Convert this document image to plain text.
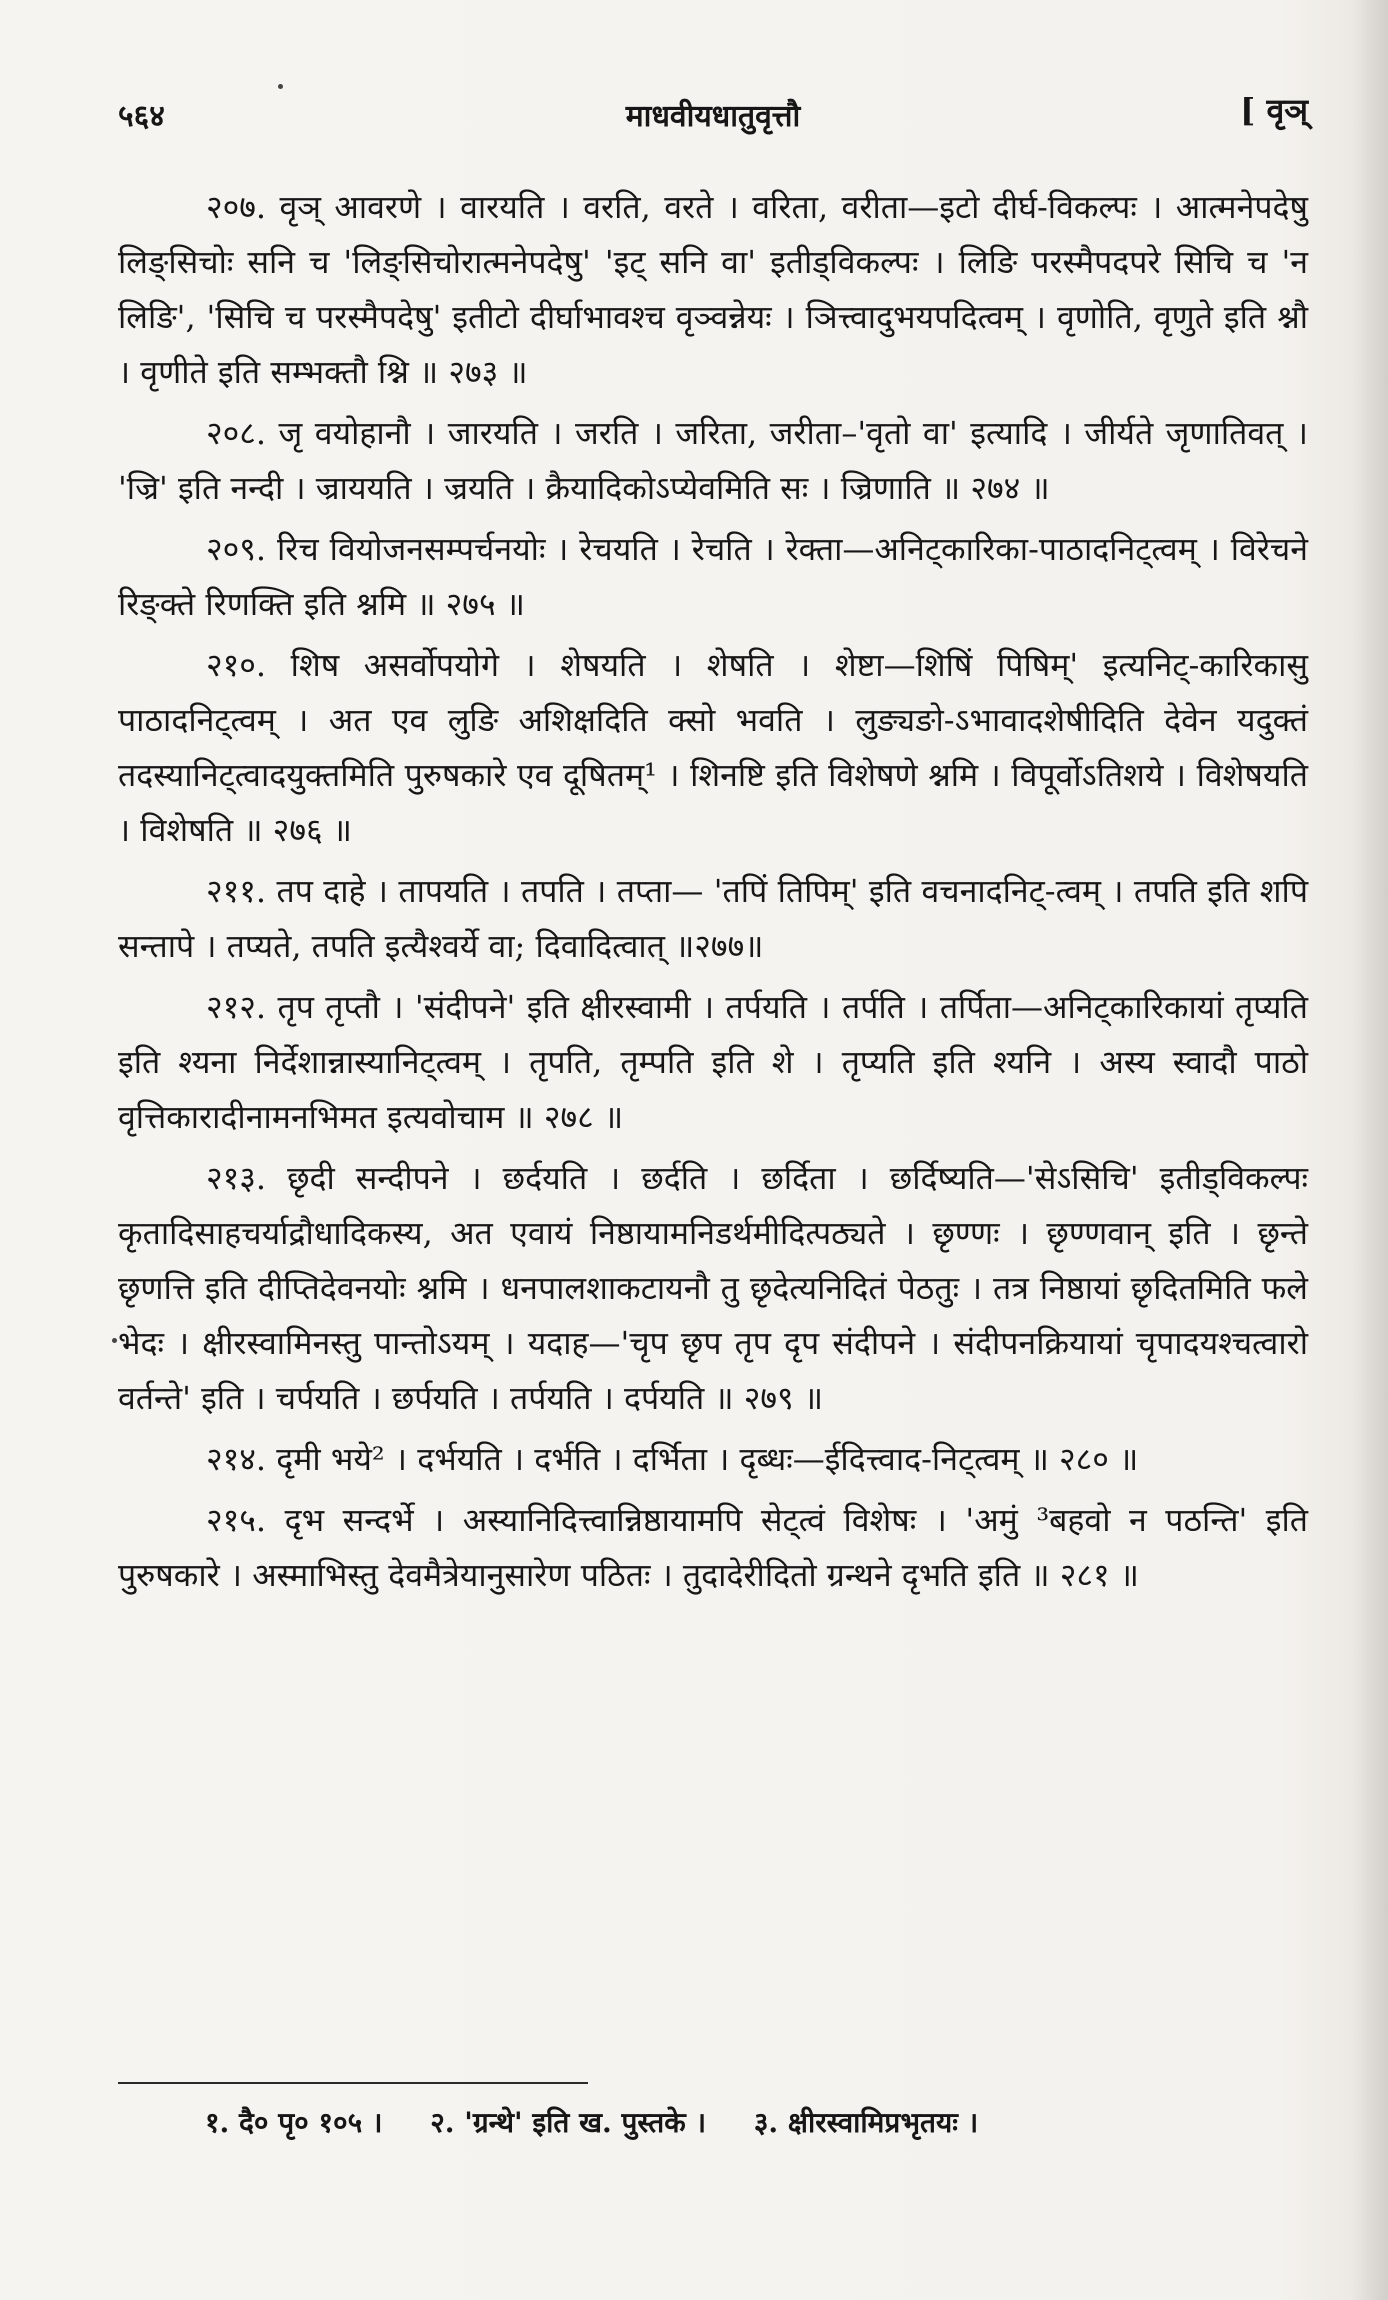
५६४	माधवीयधातुवृत्तौ	[ वृञ्

२०७. वृञ् आवरणे । वारयति । वरति, वरते । वरिता, वरीता—इटो दीर्घ-विकल्पः । आत्मनेपदेषु लिङ्सिचोः सनि च 'लिङ्सिचोरात्मनेपदेषु' 'इट् सनि वा' इतीड्विकल्पः । लिङि परस्मैपदपरे सिचि च 'न लिङि', 'सिचि च परस्मैपदेषु' इतीटो दीर्घाभावश्च वृञ्वन्नेयः । ञित्त्वादुभयपदित्वम् । वृणोति, वृणुते इति श्नौ । वृणीते इति सम्भक्तौ श्नि ॥ २७३ ॥

२०८. जृ वयोहानौ । जारयति । जरति । जरिता, जरीता–'वृतो वा' इत्यादि । जीर्यते जृणातिवत् । 'ज्रि' इति नन्दी । ज्राययति । ज्रयति । क्रैयादिकोऽप्येवमिति सः । ज्रिणाति ॥ २७४ ॥

२०९. रिच वियोजनसम्पर्चनयोः । रेचयति । रेचति । रेक्ता—अनिट्कारिका-पाठादनिट्त्वम् । विरेचने रिङ्क्ते रिणक्ति इति श्नमि ॥ २७५ ॥

२१०. शिष असर्वोपयोगे । शेषयति । शेषति । शेष्टा—शिषिं पिषिम्' इत्यनिट्-कारिकासु पाठादनिट्त्वम् । अत एव लुङि अशिक्षदिति क्सो भवति । लुङ्यङो-ऽभावादशेषीदिति देवेन यदुक्तं तदस्यानिट्त्वादयुक्तमिति पुरुषकारे एव दूषितम्¹ । शिनष्टि इति विशेषणे श्नमि । विपूर्वोऽतिशये । विशेषयति । विशेषति ॥ २७६ ॥

२११. तप दाहे । तापयति । तपति । तप्ता— 'तपिं तिपिम्' इति वचनादनिट्-त्वम् । तपति इति शपि सन्तापे । तप्यते, तपति इत्यैश्वर्ये वा; दिवादित्वात् ॥२७७॥

२१२. तृप तृप्तौ । 'संदीपने' इति क्षीरस्वामी । तर्पयति । तर्पति । तर्पिता—अनिट्कारिकायां तृप्यति इति श्यना निर्देशान्नास्यानिट्त्वम् । तृपति, तृम्पति इति शे । तृप्यति इति श्यनि । अस्य स्वादौ पाठो वृत्तिकारादीनामनभिमत इत्यवोचाम ॥ २७८ ॥

२१३. छृदी सन्दीपने । छर्दयति । छर्दति । छर्दिता । छर्दिष्यति—'सेऽसिचि' इतीड्विकल्पः कृतादिसाहचर्याद्रौधादिकस्य, अत एवायं निष्ठायामनिडर्थमीदित्पठ्यते । छृण्णः । छृण्णवान् इति । छृन्ते छृणत्ति इति दीप्तिदेवनयोः श्नमि । धनपालशाकटायनौ तु छृदेत्यनिदितं पेठतुः । तत्र निष्ठायां छृदितमिति फले भेदः । क्षीरस्वामिनस्तु पान्तोऽयम् । यदाह—'चृप छृप तृप दृप संदीपने । संदीपनक्रियायां चृपादयश्चत्वारो वर्तन्ते' इति । चर्पयति । छर्पयति । तर्पयति । दर्पयति ॥ २७९ ॥

२१४. दृमी भये² । दर्भयति । दर्भति । दर्भिता । दृब्धः—ईदित्त्वाद-निट्त्वम् ॥ २८० ॥

२१५. दृभ सन्दर्भे । अस्यानिदित्त्वान्निष्ठायामपि सेट्त्वं विशेषः । 'अमुं ³बहवो न पठन्ति' इति पुरुषकारे । अस्माभिस्तु देवमैत्रेयानुसारेण पठितः । तुदादेरीदितो ग्रन्थने दृभति इति ॥ २८१ ॥

१. दै० पृ० १०५ । २. 'ग्रन्थे' इति ख. पुस्तके । ३. क्षीरस्वामिप्रभृतयः ।
